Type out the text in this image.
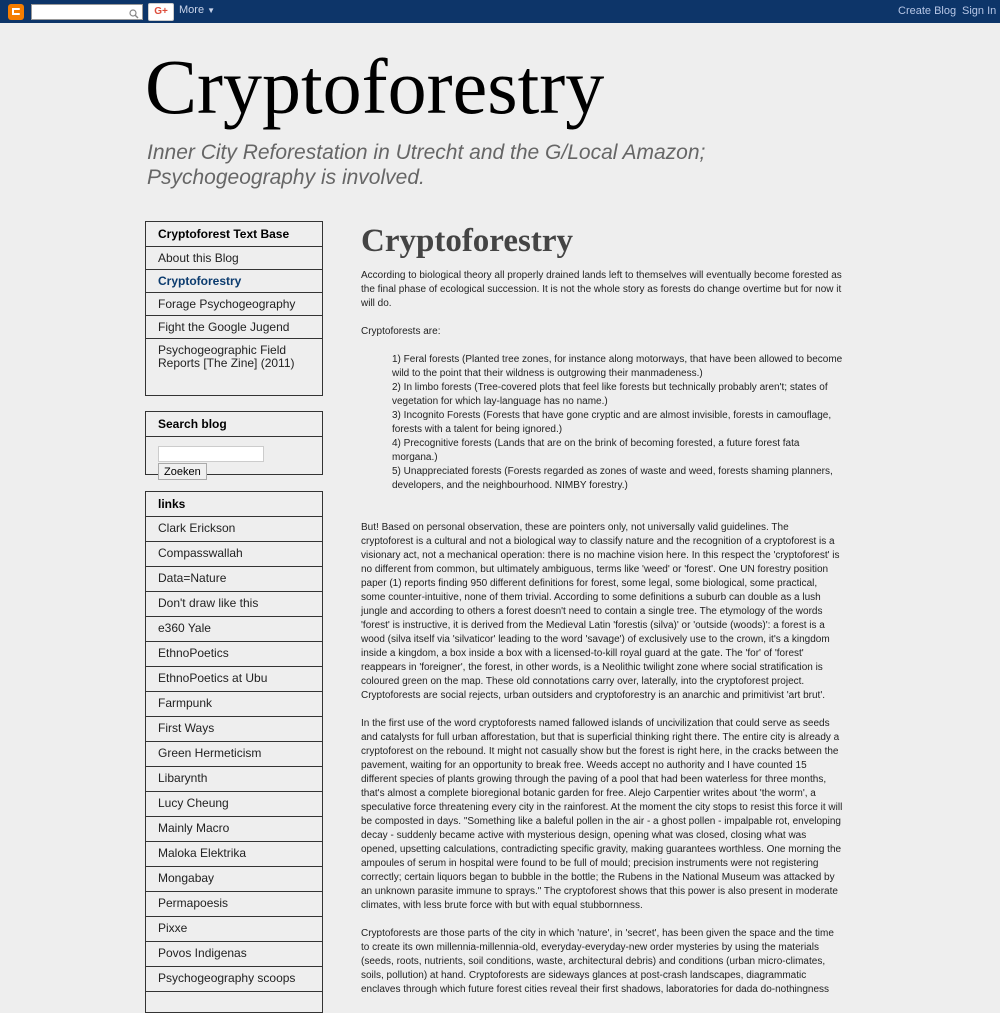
G+	More ▼	Create Blog Sign In
Cryptoforestry
Inner City Reforestation in Utrecht and the G/Local Amazon; Psychogeography is involved.
Cryptoforest Text Base
About this Blog
Cryptoforestry
Forage Psychogeography
Fight the Google Jugend
Psychogeographic Field Reports [The Zine] (2011)
Search blog
Zoeken
links
Clark Erickson
Compasswallah
Data=Nature
Don't draw like this
e360 Yale
EthnoPoetics
EthnoPoetics at Ubu
Farmpunk
First Ways
Green Hermeticism
Libarynth
Lucy Cheung
Mainly Macro
Maloka Elektrika
Mongabay
Permapoesis
Pixxe
Povos Indigenas
Psychogeography scoops
Cryptoforestry

According to biological theory all properly drained lands left to themselves will eventually become forested as the final phase of ecological succession. It is not the whole story as forests do change overtime but for now it will do.

Cryptoforests are:

1) Feral forests (Planted tree zones, for instance along motorways, that have been allowed to become wild to the point that their wildness is outgrowing their manmadeness.)
2) In limbo forests (Tree-covered plots that feel like forests but technically probably aren't; states of vegetation for which lay-language has no name.)
3) Incognito Forests (Forests that have gone cryptic and are almost invisible, forests in camouflage, forests with a talent for being ignored.)
4) Precognitive forests (Lands that are on the brink of becoming forested, a future forest fata morgana.)
5) Unappreciated forests (Forests regarded as zones of waste and weed, forests shaming planners, developers, and the neighbourhood. NIMBY forestry.)

But! Based on personal observation, these are pointers only, not universally valid guidelines. The cryptoforest is a cultural and not a biological way to classify nature and the recognition of a cryptoforest is a visionary act, not a mechanical operation: there is no machine vision here. In this respect the 'cryptoforest' is no different from common, but ultimately ambiguous, terms like 'weed' or 'forest'. One UN forestry position paper (1) reports finding 950 different definitions for forest, some legal, some biological, some practical, some counter-intuitive, none of them trivial. According to some definitions a suburb can double as a lush jungle and according to others a forest doesn't need to contain a single tree. The etymology of the words 'forest' is instructive, it is derived from the Medieval Latin 'forestis (silva)' or 'outside (woods)': a forest is a wood (silva itself via 'silvaticor' leading to the word 'savage') of exclusively use to the crown, it's a kingdom inside a kingdom, a box inside a box with a licensed-to-kill royal guard at the gate. The 'for' of 'forest' reappears in 'foreigner', the forest, in other words, is a Neolithic twilight zone where social stratification is coloured green on the map. These old connotations carry over, laterally, into the cryptoforest project. Cryptoforests are social rejects, urban outsiders and cryptoforestry is an anarchic and primitivist 'art brut'.

In the first use of the word cryptoforests named fallowed islands of uncivilization that could serve as seeds and catalysts for full urban afforestation, but that is superficial thinking right there. The entire city is already a cryptoforest on the rebound. It might not casually show but the forest is right here, in the cracks between the pavement, waiting for an opportunity to break free. Weeds accept no authority and I have counted 15 different species of plants growing through the paving of a pool that had been waterless for three months, that's almost a complete bioregional botanic garden for free. Alejo Carpentier writes about 'the worm', a speculative force threatening every city in the rainforest. At the moment the city stops to resist this force it will be composted in days. "Something like a baleful pollen in the air - a ghost pollen - impalpable rot, enveloping decay - suddenly became active with mysterious design, opening what was closed, closing what was opened, upsetting calculations, contradicting specific gravity, making guarantees worthless. One morning the ampoules of serum in hospital were found to be full of mould; precision instruments were not registering correctly; certain liquors began to bubble in the bottle; the Rubens in the National Museum was attacked by an unknown parasite immune to sprays." The cryptoforest shows that this power is also present in moderate climates, with less brute force with but with equal stubbornness.

Cryptoforests are those parts of the city in which 'nature', in 'secret', has been given the space and the time to create its own millennia-millennia-old, everyday-everyday-new order mysteries by using the materials (seeds, roots, nutrients, soil conditions, waste, architectural debris) and conditions (urban micro-climates, soils, pollution) at hand. Cryptoforests are sideways glances at post-crash landscapes, diagrammatic enclaves through which future forest cities reveal their first shadows, laboratories for dada do-nothingness
